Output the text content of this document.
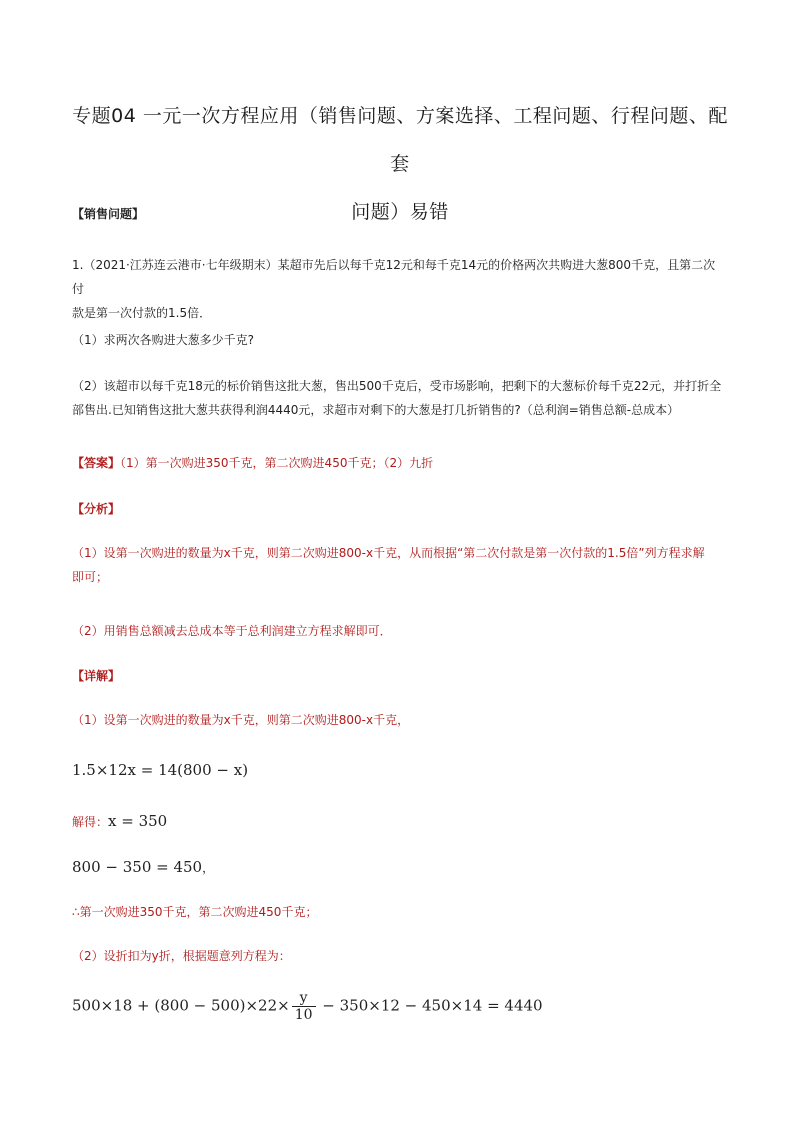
专题04 一元一次方程应用（销售问题、方案选择、工程问题、行程问题、配套
问题）易错
【销售问题】
1.（2021·江苏连云港市·七年级期末）某超市先后以每千克12元和每千克14元的价格两次共购进大葱800千克，且第二次付
款是第一次付款的1.5倍．
（1）求两次各购进大葱多少千克?
（2）该超市以每千克18元的标价销售这批大葱，售出500千克后，受市场影响，把剩下的大葱标价每千克22元，并打折全
部售出.已知销售这批大葱共获得利润4440元，求超市对剩下的大葱是打几折销售的?（总利润=销售总额-总成本）
【答案】（1）第一次购进350千克，第二次购进450千克；（2）九折
【分析】
（1）设第一次购进的数量为x千克，则第二次购进800-x千克，从而根据“第二次付款是第一次付款的1.5倍”列方程求解
即可；
（2）用销售总额减去总成本等于总利润建立方程求解即可．
【详解】
（1）设第一次购进的数量为x千克，则第二次购进800-x千克，
1.5×12x = 14(800 − x)
解得：x = 350
800 − 350 = 450，
∴第一次购进350千克，第二次购进450千克；
（2）设折扣为y折，根据题意列方程为：
$500\times 18 + (800 - 500)\times 22\times \frac{y}{10} - 350\times 12 - 450\times 14 = 4440$
